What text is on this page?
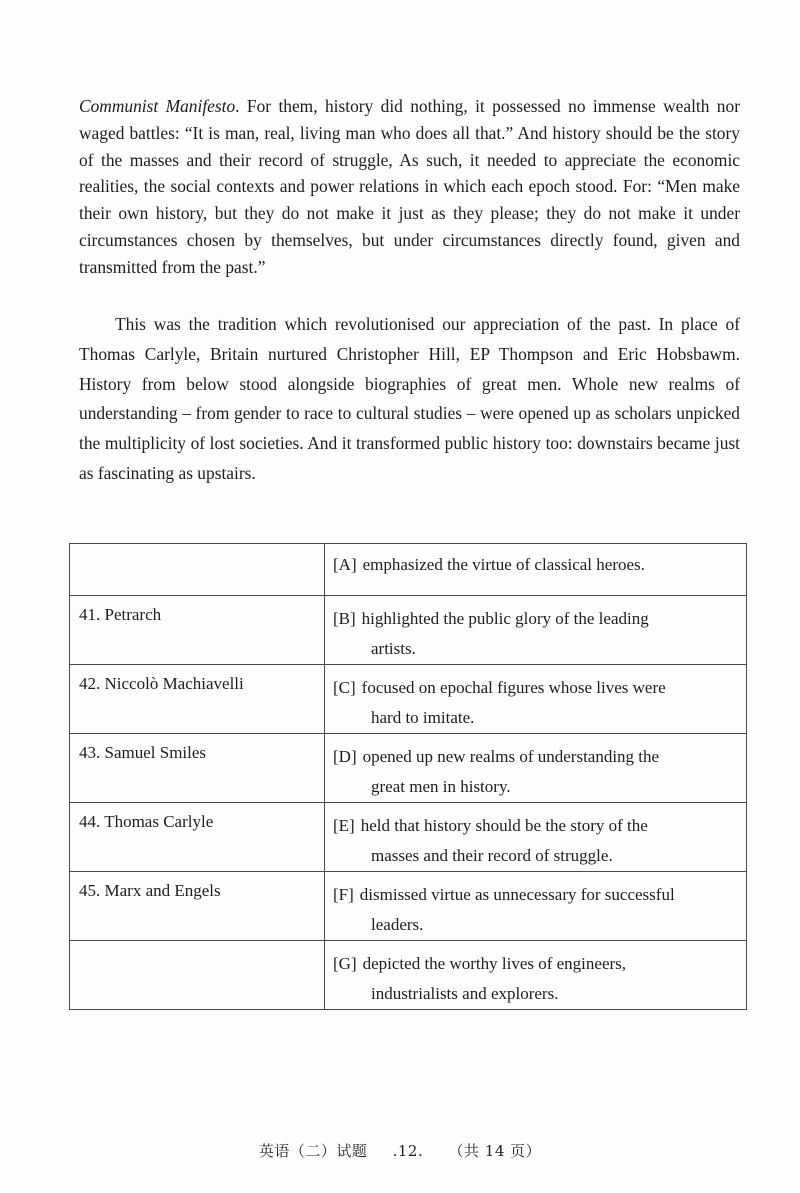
Communist Manifesto. For them, history did nothing, it possessed no immense wealth nor waged battles: “It is man, real, living man who does all that.” And history should be the story of the masses and their record of struggle, As such, it needed to appreciate the economic realities, the social contexts and power relations in which each epoch stood. For: “Men make their own history, but they do not make it just as they please; they do not make it under circumstances chosen by themselves, but under circumstances directly found, given and transmitted from the past.”

This was the tradition which revolutionised our appreciation of the past. In place of Thomas Carlyle, Britain nurtured Christopher Hill, EP Thompson and Eric Hobsbawm. History from below stood alongside biographies of great men. Whole new realms of understanding – from gender to race to cultural studies – were opened up as scholars unpicked the multiplicity of lost societies. And it transformed public history too: downstairs became just as fascinating as upstairs.

	[A] emphasized the virtue of classical heroes.

41. Petrarch	[B] highlighted the public glory of the leading
artists.

42. Niccolò Machiavelli	[C] focused on epochal figures whose lives were
hard to imitate.

43. Samuel Smiles	[D] opened up new realms of understanding the
great men in history.

44. Thomas Carlyle	[E] held that history should be the story of the
masses and their record of struggle.

45. Marx and Engels	[F] dismissed virtue as unnecessary for successful
leaders.

	[G] depicted the worthy lives of engineers,
industrialists and explorers.
英语（二）试题 .12. （共 14 页）
